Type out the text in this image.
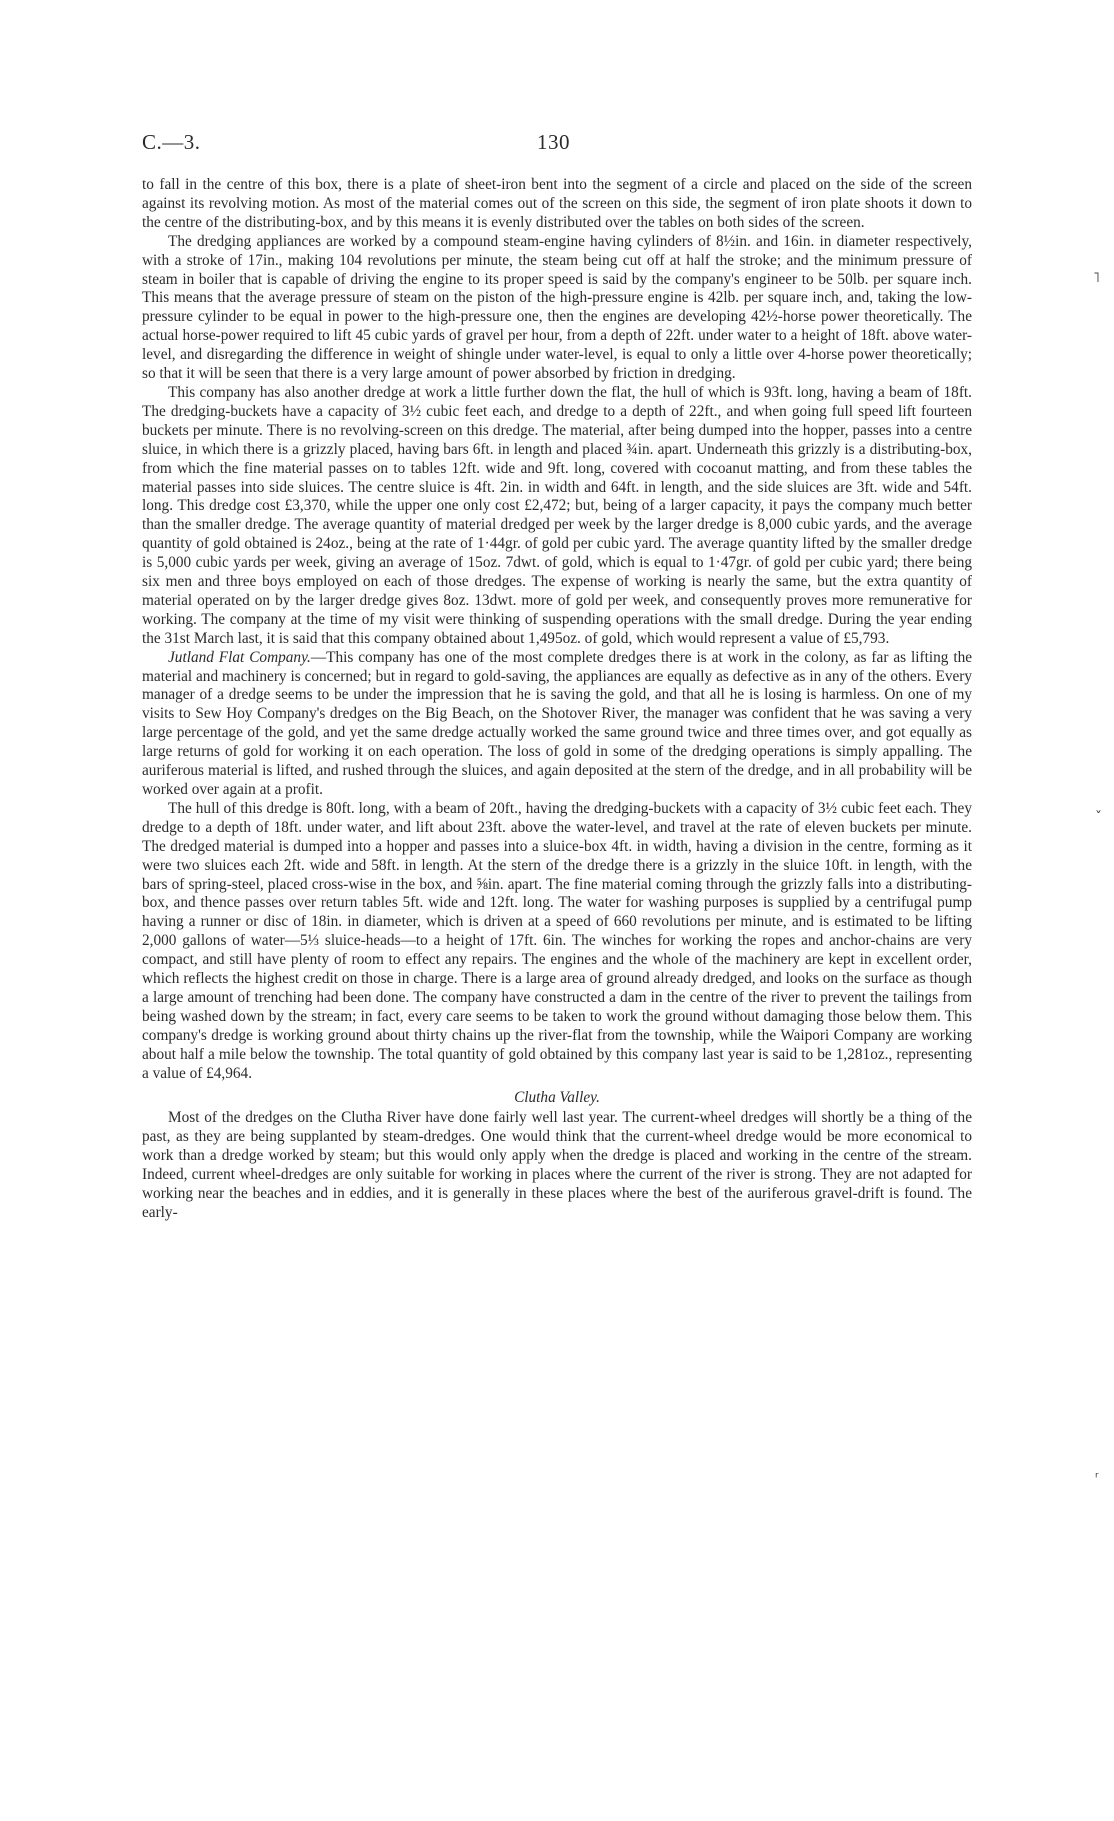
C.—3.	130

to fall in the centre of this box, there is a plate of sheet-iron bent into the segment of a circle and placed on the side of the screen against its revolving motion. As most of the material comes out of the screen on this side, the segment of iron plate shoots it down to the centre of the distributing-box, and by this means it is evenly distributed over the tables on both sides of the screen.

The dredging appliances are worked by a compound steam-engine having cylinders of 8½in. and 16in. in diameter respectively, with a stroke of 17in., making 104 revolutions per minute, the steam being cut off at half the stroke; and the minimum pressure of steam in boiler that is capable of driving the engine to its proper speed is said by the company's engineer to be 50lb. per square inch. This means that the average pressure of steam on the piston of the high-pressure engine is 42lb. per square inch, and, taking the low-pressure cylinder to be equal in power to the high-pressure one, then the engines are developing 42½-horse power theoretically. The actual horse-power required to lift 45 cubic yards of gravel per hour, from a depth of 22ft. under water to a height of 18ft. above water-level, and disregarding the difference in weight of shingle under water-level, is equal to only a little over 4-horse power theoretically; so that it will be seen that there is a very large amount of power absorbed by friction in dredging.

This company has also another dredge at work a little further down the flat, the hull of which is 93ft. long, having a beam of 18ft. The dredging-buckets have a capacity of 3½ cubic feet each, and dredge to a depth of 22ft., and when going full speed lift fourteen buckets per minute. There is no revolving-screen on this dredge. The material, after being dumped into the hopper, passes into a centre sluice, in which there is a grizzly placed, having bars 6ft. in length and placed ¾in. apart. Underneath this grizzly is a distributing-box, from which the fine material passes on to tables 12ft. wide and 9ft. long, covered with cocoanut matting, and from these tables the material passes into side sluices. The centre sluice is 4ft. 2in. in width and 64ft. in length, and the side sluices are 3ft. wide and 54ft. long. This dredge cost £3,370, while the upper one only cost £2,472; but, being of a larger capacity, it pays the company much better than the smaller dredge. The average quantity of material dredged per week by the larger dredge is 8,000 cubic yards, and the average quantity of gold obtained is 24oz., being at the rate of 1·44gr. of gold per cubic yard. The average quantity lifted by the smaller dredge is 5,000 cubic yards per week, giving an average of 15oz. 7dwt. of gold, which is equal to 1·47gr. of gold per cubic yard; there being six men and three boys employed on each of those dredges. The expense of working is nearly the same, but the extra quantity of material operated on by the larger dredge gives 8oz. 13dwt. more of gold per week, and consequently proves more remunerative for working. The company at the time of my visit were thinking of suspending operations with the small dredge. During the year ending the 31st March last, it is said that this company obtained about 1,495oz. of gold, which would represent a value of £5,793.

Jutland Flat Company.—This company has one of the most complete dredges there is at work in the colony, as far as lifting the material and machinery is concerned; but in regard to gold-saving, the appliances are equally as defective as in any of the others. Every manager of a dredge seems to be under the impression that he is saving the gold, and that all he is losing is harmless. On one of my visits to Sew Hoy Company's dredges on the Big Beach, on the Shotover River, the manager was confident that he was saving a very large percentage of the gold, and yet the same dredge actually worked the same ground twice and three times over, and got equally as large returns of gold for working it on each operation. The loss of gold in some of the dredging operations is simply appalling. The auriferous material is lifted, and rushed through the sluices, and again deposited at the stern of the dredge, and in all probability will be worked over again at a profit.

The hull of this dredge is 80ft. long, with a beam of 20ft., having the dredging-buckets with a capacity of 3½ cubic feet each. They dredge to a depth of 18ft. under water, and lift about 23ft. above the water-level, and travel at the rate of eleven buckets per minute. The dredged material is dumped into a hopper and passes into a sluice-box 4ft. in width, having a division in the centre, forming as it were two sluices each 2ft. wide and 58ft. in length. At the stern of the dredge there is a grizzly in the sluice 10ft. in length, with the bars of spring-steel, placed cross-wise in the box, and ⅝in. apart. The fine material coming through the grizzly falls into a distributing-box, and thence passes over return tables 5ft. wide and 12ft. long. The water for washing purposes is supplied by a centrifugal pump having a runner or disc of 18in. in diameter, which is driven at a speed of 660 revolutions per minute, and is estimated to be lifting 2,000 gallons of water—5⅓ sluice-heads—to a height of 17ft. 6in. The winches for working the ropes and anchor-chains are very compact, and still have plenty of room to effect any repairs. The engines and the whole of the machinery are kept in excellent order, which reflects the highest credit on those in charge. There is a large area of ground already dredged, and looks on the surface as though a large amount of trenching had been done. The company have constructed a dam in the centre of the river to prevent the tailings from being washed down by the stream; in fact, every care seems to be taken to work the ground without damaging those below them. This company's dredge is working ground about thirty chains up the river-flat from the township, while the Waipori Company are working about half a mile below the township. The total quantity of gold obtained by this company last year is said to be 1,281oz., representing a value of £4,964.

Clutha Valley.

Most of the dredges on the Clutha River have done fairly well last year. The current-wheel dredges will shortly be a thing of the past, as they are being supplanted by steam-dredges. One would think that the current-wheel dredge would be more economical to work than a dredge worked by steam; but this would only apply when the dredge is placed and working in the centre of the stream. Indeed, current wheel-dredges are only suitable for working in places where the current of the river is strong. They are not adapted for working near the beaches and in eddies, and it is generally in these places where the best of the auriferous gravel-drift is found. The early-

˥
ˇ
ʳ
